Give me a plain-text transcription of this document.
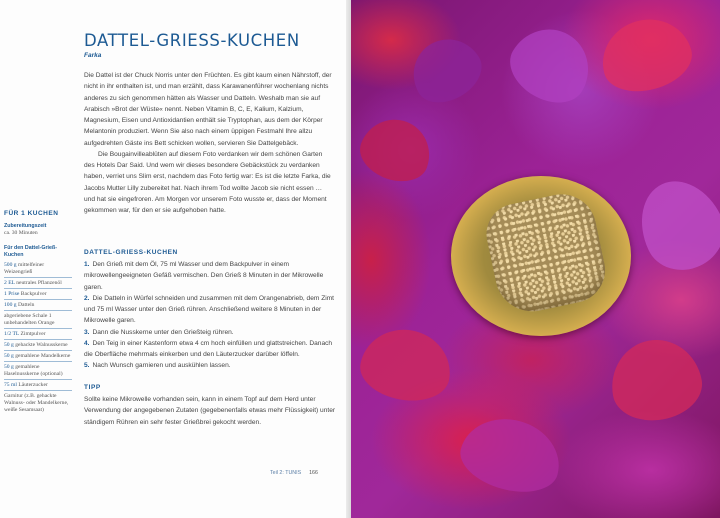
DATTEL-GRIESS-KUCHEN
Farka

Die Dattel ist der Chuck Norris unter den Früchten. Es gibt kaum einen Nährstoff, der nicht in ihr enthalten ist, und man erzählt, dass Karawanenführer wochenlang nichts anderes zu sich genommen hätten als Wasser und Datteln. Weshalb man sie auf Arabisch »Brot der Wüste« nennt. Neben Vitamin B, C, E, Kalium, Kalzium, Magnesium, Eisen und Antioxidantien enthält sie Tryptophan, aus dem der Körper Melantonin produziert. Wenn Sie also nach einem üppigen Festmahl Ihre allzu aufgedrehten Gäste ins Bett schicken wollen, servieren Sie Dattelgebäck.

Die Bougainvilleablüten auf diesem Foto verdanken wir dem schönen Garten des Hotels Dar Said. Und wem wir dieses besondere Gebäckstück zu verdanken haben, verriet uns Slim erst, nachdem das Foto fertig war: Es ist die letzte Farka, die Jacobs Mutter Lilly zubereitet hat. Nach ihrem Tod wollte Jacob sie nicht essen … und hat sie eingefroren. Am Morgen vor unserem Foto wusste er, dass der Moment gekommen war, für den er sie aufgehoben hatte.

DATTEL-GRIESS-KUCHEN

1. Den Grieß mit dem Öl, 75 ml Wasser und dem Backpulver in einem mikrowellengeeigneten Gefäß vermischen. Den Grieß 8 Minuten in der Mikrowelle garen.

2. Die Datteln in Würfel schneiden und zusammen mit dem Orangenabrieb, dem Zimt und 75 ml Wasser unter den Grieß rühren. Anschließend weitere 8 Minuten in der Mikrowelle garen.

3. Dann die Nusskerne unter den Grießteig rühren.

4. Den Teig in einer Kastenform etwa 4 cm hoch einfüllen und glattstreichen. Danach die Oberfläche mehrmals einkerben und den Läuterzucker darüber löffeln.

5. Nach Wunsch garnieren und auskühlen lassen.

TIPP
Sollte keine Mikrowelle vorhanden sein, kann in einem Topf auf dem Herd unter Verwendung der angegebenen Zutaten (gegebenenfalls etwas mehr Flüssigkeit) unter ständigem Rühren ein sehr fester Grießbrei gekocht werden.
FÜR 1 KUCHEN
Zubereitungszeit
ca. 30 Minuten
Für den Dattel-Grieß-Kuchen
500 g mittelfeiner Weizengrieß
2 EL neutrales Pflanzenöl
1 Prise Backpulver
100 g Datteln
abgeriebene Schale 1 unbehandelten Orange
1/2 TL Zimtpulver
50 g gehackte Walnusskerne
50 g gemahlene Mandelkerne
50 g gemahlene Haselnusskerne (optional)
75 ml Läuterzucker
Garnitur (z.B. gehackte Walnuss- oder Mandelkerne, weiße Sesamsaat)
Teil 2: TUNIS 166
